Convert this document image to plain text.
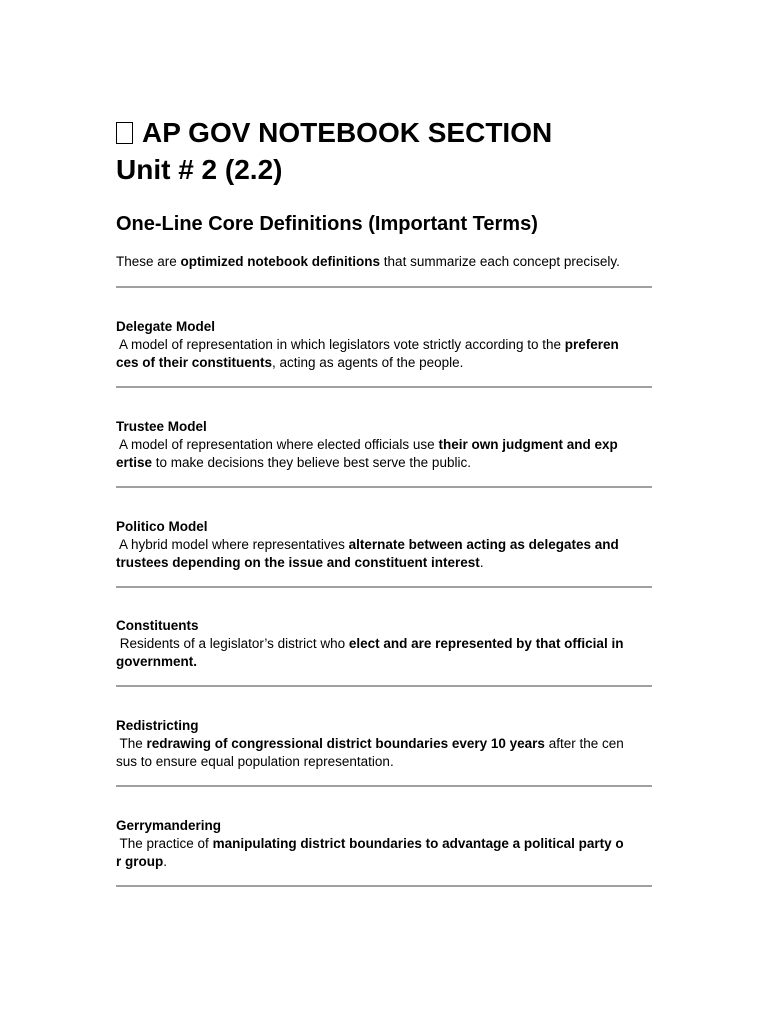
AP GOV NOTEBOOK SECTION
Unit # 2 (2.2)
One-Line Core Definitions (Important Terms)
These are optimized notebook definitions that summarize each concept precisely.
Delegate Model
A model of representation in which legislators vote strictly according to the preferen
ces of their constituents, acting as agents of the people.
Trustee Model
A model of representation where elected officials use their own judgment and exp
ertise to make decisions they believe best serve the public.
Politico Model
A hybrid model where representatives alternate between acting as delegates and
trustees depending on the issue and constituent interest.
Constituents
Residents of a legislator’s district who elect and are represented by that official in
government.
Redistricting
The redrawing of congressional district boundaries every 10 years after the cen
sus to ensure equal population representation.
Gerrymandering
The practice of manipulating district boundaries to advantage a political party o
r group.
